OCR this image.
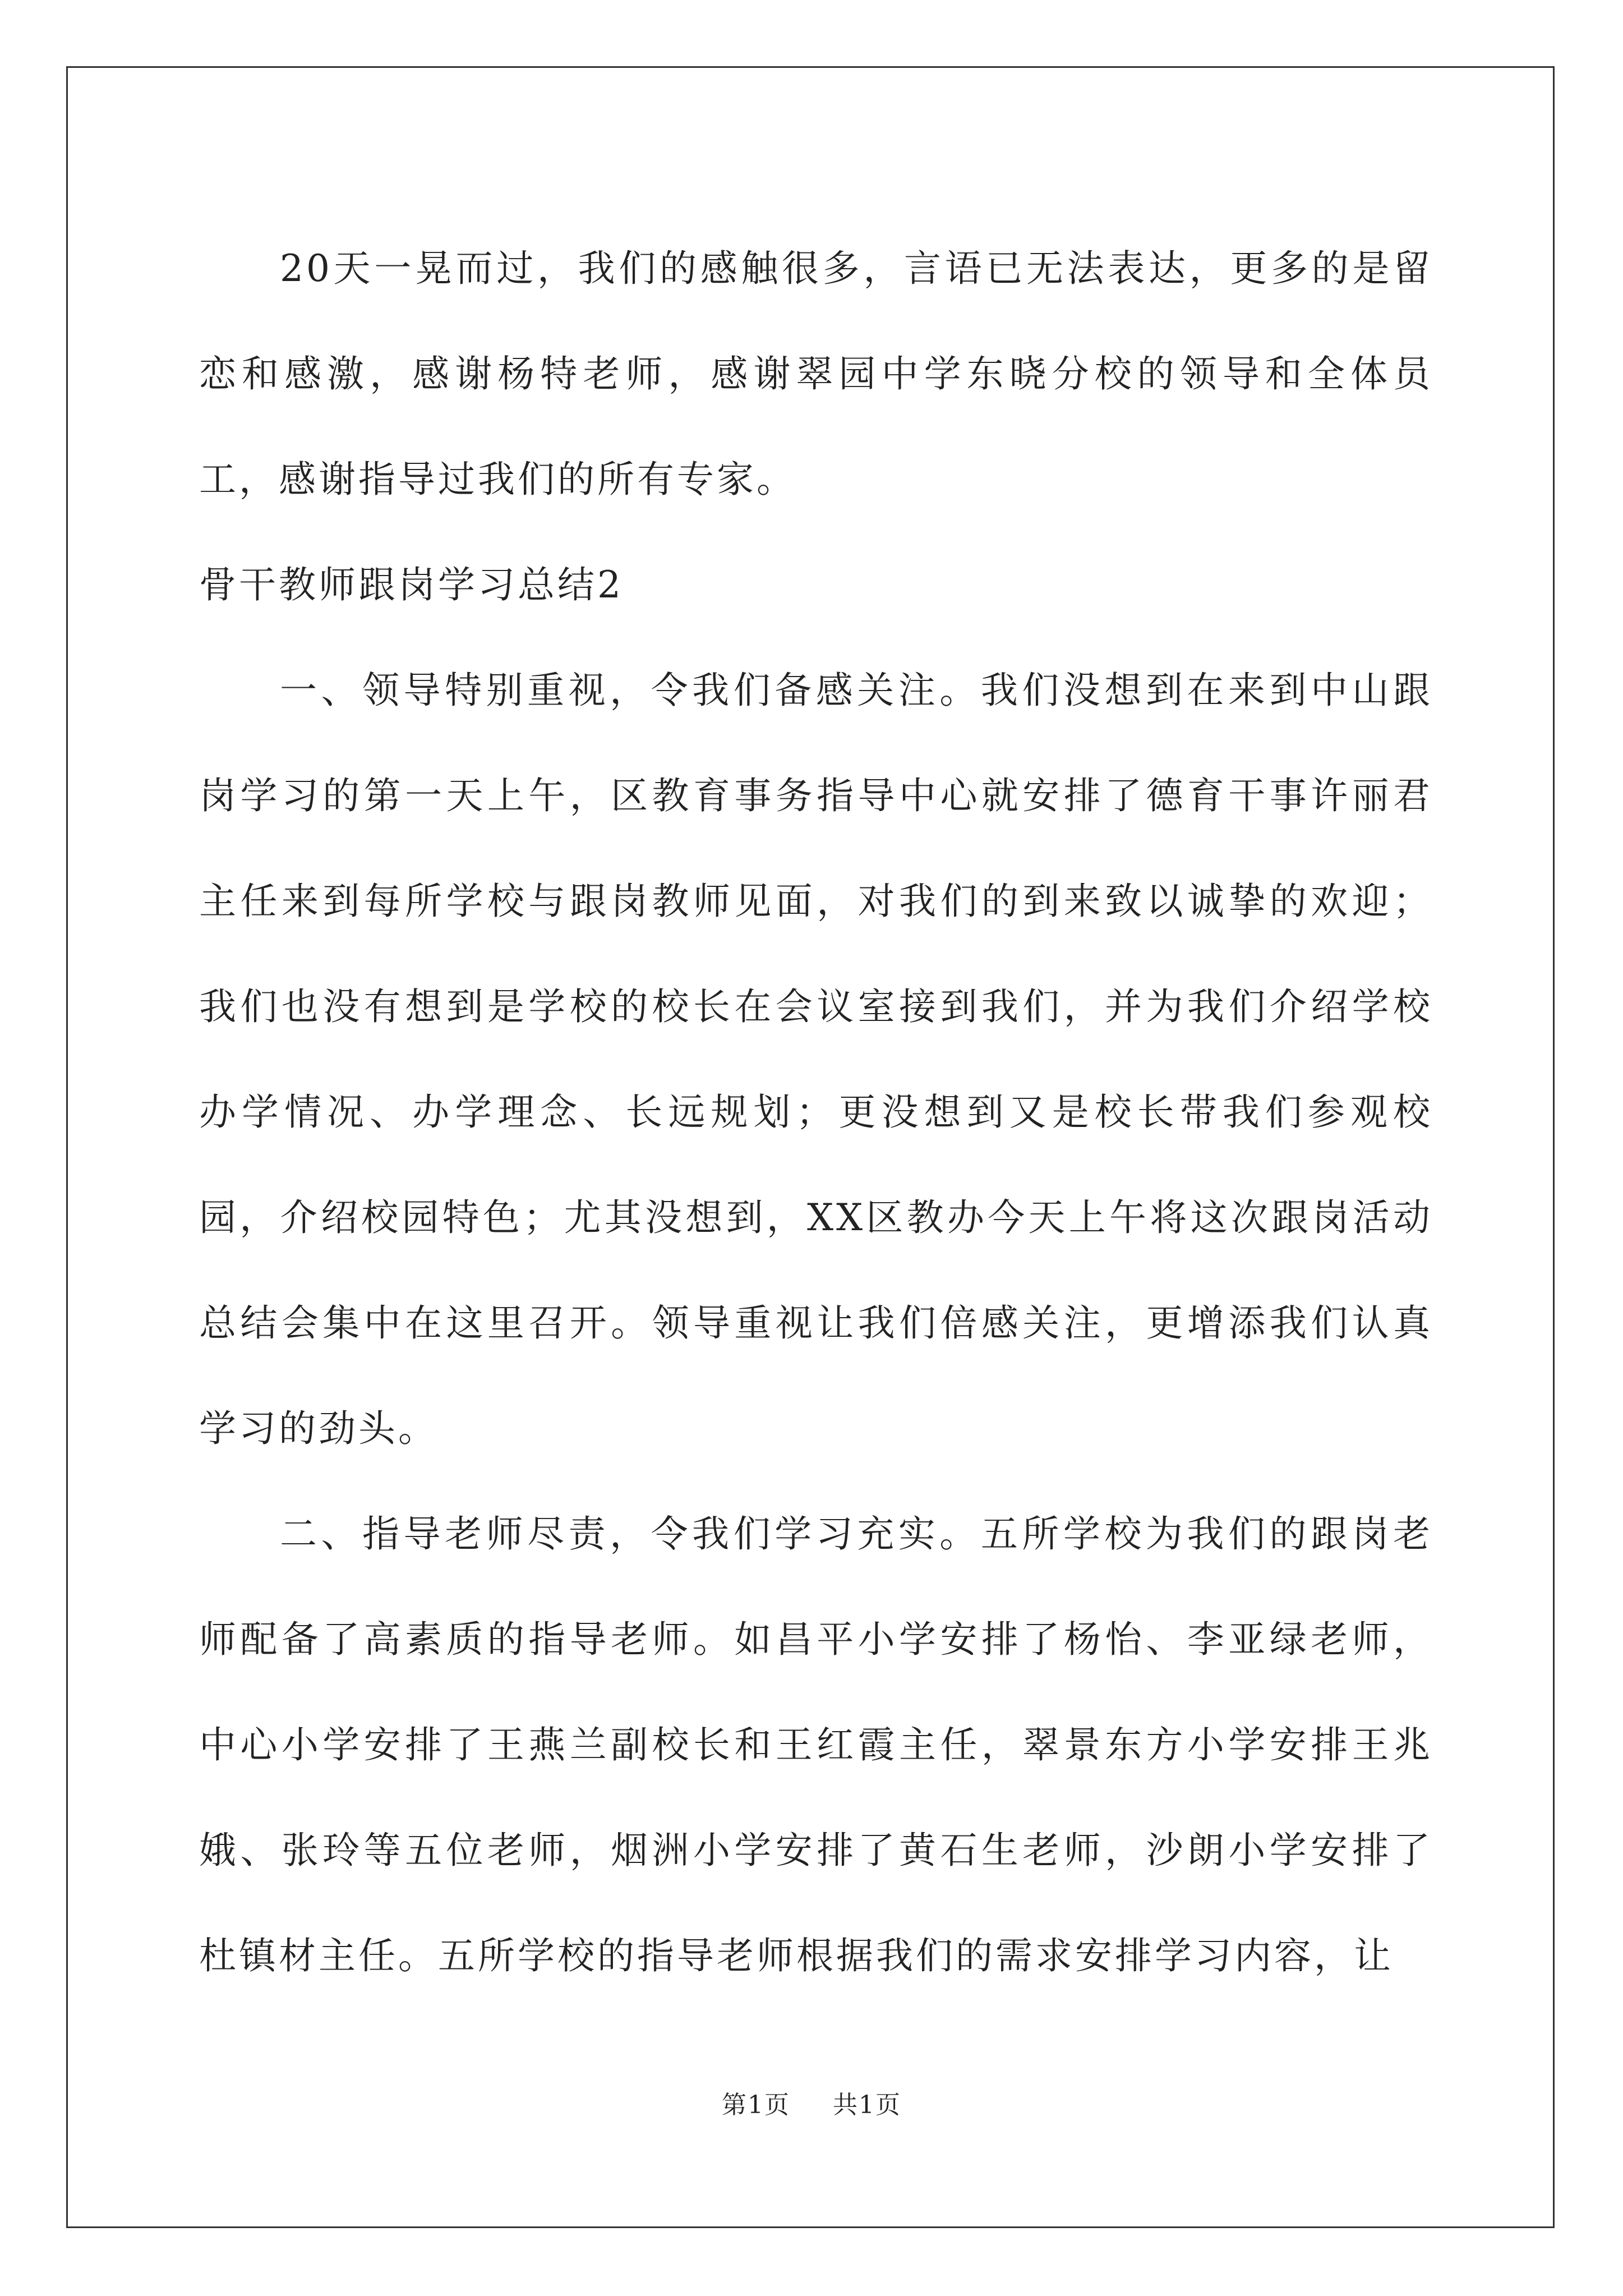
20天一晃而过，我们的感触很多，言语已无法表达，更多的是留恋和感激，感谢杨特老师，感谢翠园中学东晓分校的领导和全体员工，感谢指导过我们的所有专家。

骨干教师跟岗学习总结2

一、领导特别重视，令我们备感关注。我们没想到在来到中山跟岗学习的第一天上午，区教育事务指导中心就安排了德育干事许丽君主任来到每所学校与跟岗教师见面，对我们的到来致以诚挚的欢迎；我们也没有想到是学校的校长在会议室接到我们，并为我们介绍学校办学情况、办学理念、长远规划；更没想到又是校长带我们参观校园，介绍校园特色；尤其没想到，XX区教办今天上午将这次跟岗活动总结会集中在这里召开。领导重视让我们倍感关注，更增添我们认真学习的劲头。

二、指导老师尽责，令我们学习充实。五所学校为我们的跟岗老师配备了高素质的指导老师。如昌平小学安排了杨怡、李亚绿老师，中心小学安排了王燕兰副校长和王红霞主任，翠景东方小学安排王兆娥、张玲等五位老师，烟洲小学安排了黄石生老师，沙朗小学安排了杜镇材主任。五所学校的指导老师根据我们的需求安排学习内容，让

第1页 共1页
